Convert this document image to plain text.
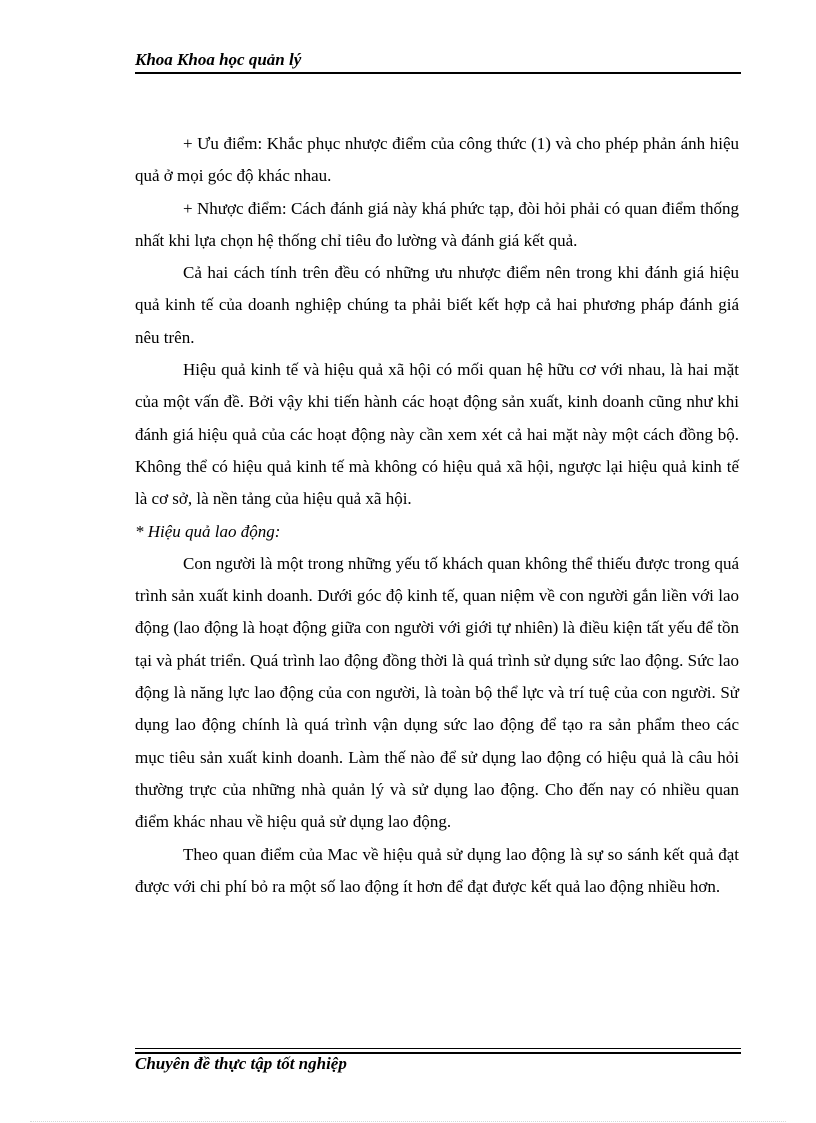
Khoa Khoa học quản lý

+ Ưu điểm: Khắc phục nhược điểm của công thức (1) và cho phép phản ánh hiệu quả ở mọi góc độ khác nhau.

+ Nhược điểm: Cách đánh giá này khá phức tạp, đòi hỏi phải có quan điểm thống nhất khi lựa chọn hệ thống chỉ tiêu đo lường và đánh giá kết quả.

Cả hai cách tính trên đều có những ưu nhược điểm nên trong khi đánh giá hiệu quả kinh tế của doanh nghiệp chúng ta phải biết kết hợp cả hai phương pháp đánh giá nêu trên.

Hiệu quả kinh tế và hiệu quả xã hội có mối quan hệ hữu cơ với nhau, là hai mặt của một vấn đề. Bởi vậy khi tiến hành các hoạt động sản xuất, kinh doanh cũng như khi đánh giá hiệu quả của các hoạt động này cần xem xét cả hai mặt này một cách đồng bộ. Không thể có hiệu quả kinh tế mà không có hiệu quả xã hội, ngược lại hiệu quả kinh tế là cơ sở, là nền tảng của hiệu quả xã hội.

* Hiệu quả lao động:

Con người là một trong những yếu tố khách quan không thể thiếu được trong quá trình sản xuất kinh doanh. Dưới góc độ kinh tế, quan niệm về con người gắn liền với lao động (lao động là hoạt động giữa con người với giới tự nhiên) là điều kiện tất yếu để tồn tại và phát triển. Quá trình lao động đồng thời là quá trình sử dụng sức lao động. Sức lao động là năng lực lao động của con người, là toàn bộ thể lực và trí tuệ của con người. Sử dụng lao động chính là quá trình vận dụng sức lao động để tạo ra sản phẩm theo các mục tiêu sản xuất kinh doanh. Làm thế nào để sử dụng lao động có hiệu quả là câu hỏi thường trực của những nhà quản lý và sử dụng lao động. Cho đến nay có nhiều quan điểm khác nhau về hiệu quả sử dụng lao động.

Theo quan điểm của Mac về hiệu quả sử dụng lao động là sự so sánh kết quả đạt được với chi phí bỏ ra một số lao động ít hơn để đạt được kết quả lao động nhiều hơn.

Chuyên đề thực tập tốt nghiệp
